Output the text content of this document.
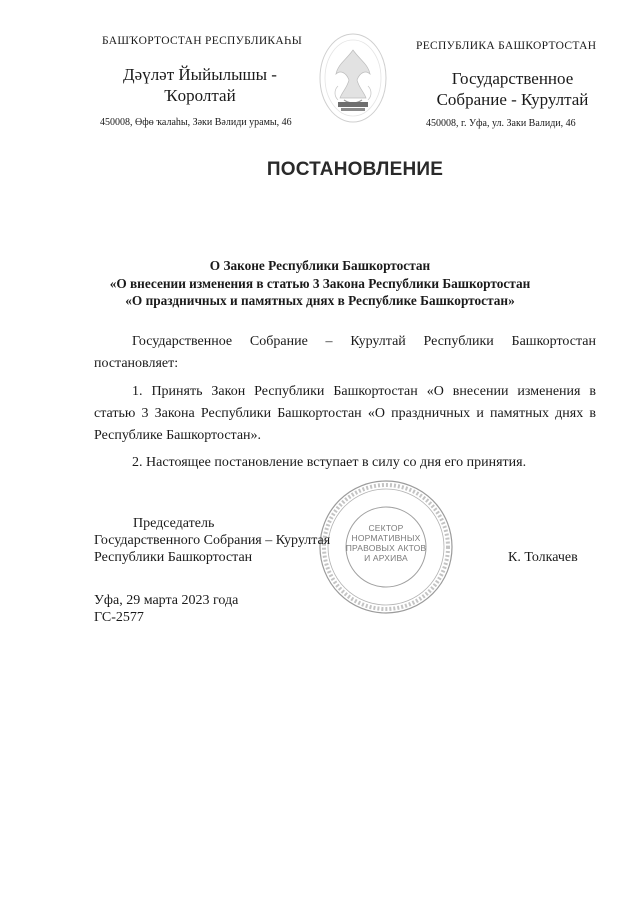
БАШҠОРТОСТАН РЕСПУБЛИКАҺЫ
Дәүләт Йыйылышы -
Ҡоролтай
450008, Өфө ҡалаһы, Зәки Вәлиди урамы, 46
РЕСПУБЛИКА БАШКОРТОСТАН
Государственное
Собрание - Курултай
450008, г. Уфа, ул. Заки Валиди, 46
ПОСТАНОВЛЕНИЕ
О Законе Республики Башкортостан
«О внесении изменения в статью 3 Закона Республики Башкортостан
«О праздничных и памятных днях в Республике Башкортостан»
Государственное Собрание – Курултай Республики Башкортостан постановляет:
1. Принять Закон Республики Башкортостан «О внесении изменения в статью 3 Закона Республики Башкортостан «О праздничных и памятных днях в Республике Башкортостан».
2. Настоящее постановление вступает в силу со дня его принятия.
СЕКТОР
НОРМАТИВНЫХ
ПРАВОВЫХ АКТОВ
И АРХИВА
Председатель
Государственного Собрания – Курултая
Республики Башкортостан	К. Толкачев
Уфа, 29 марта 2023 года
ГС-2577
